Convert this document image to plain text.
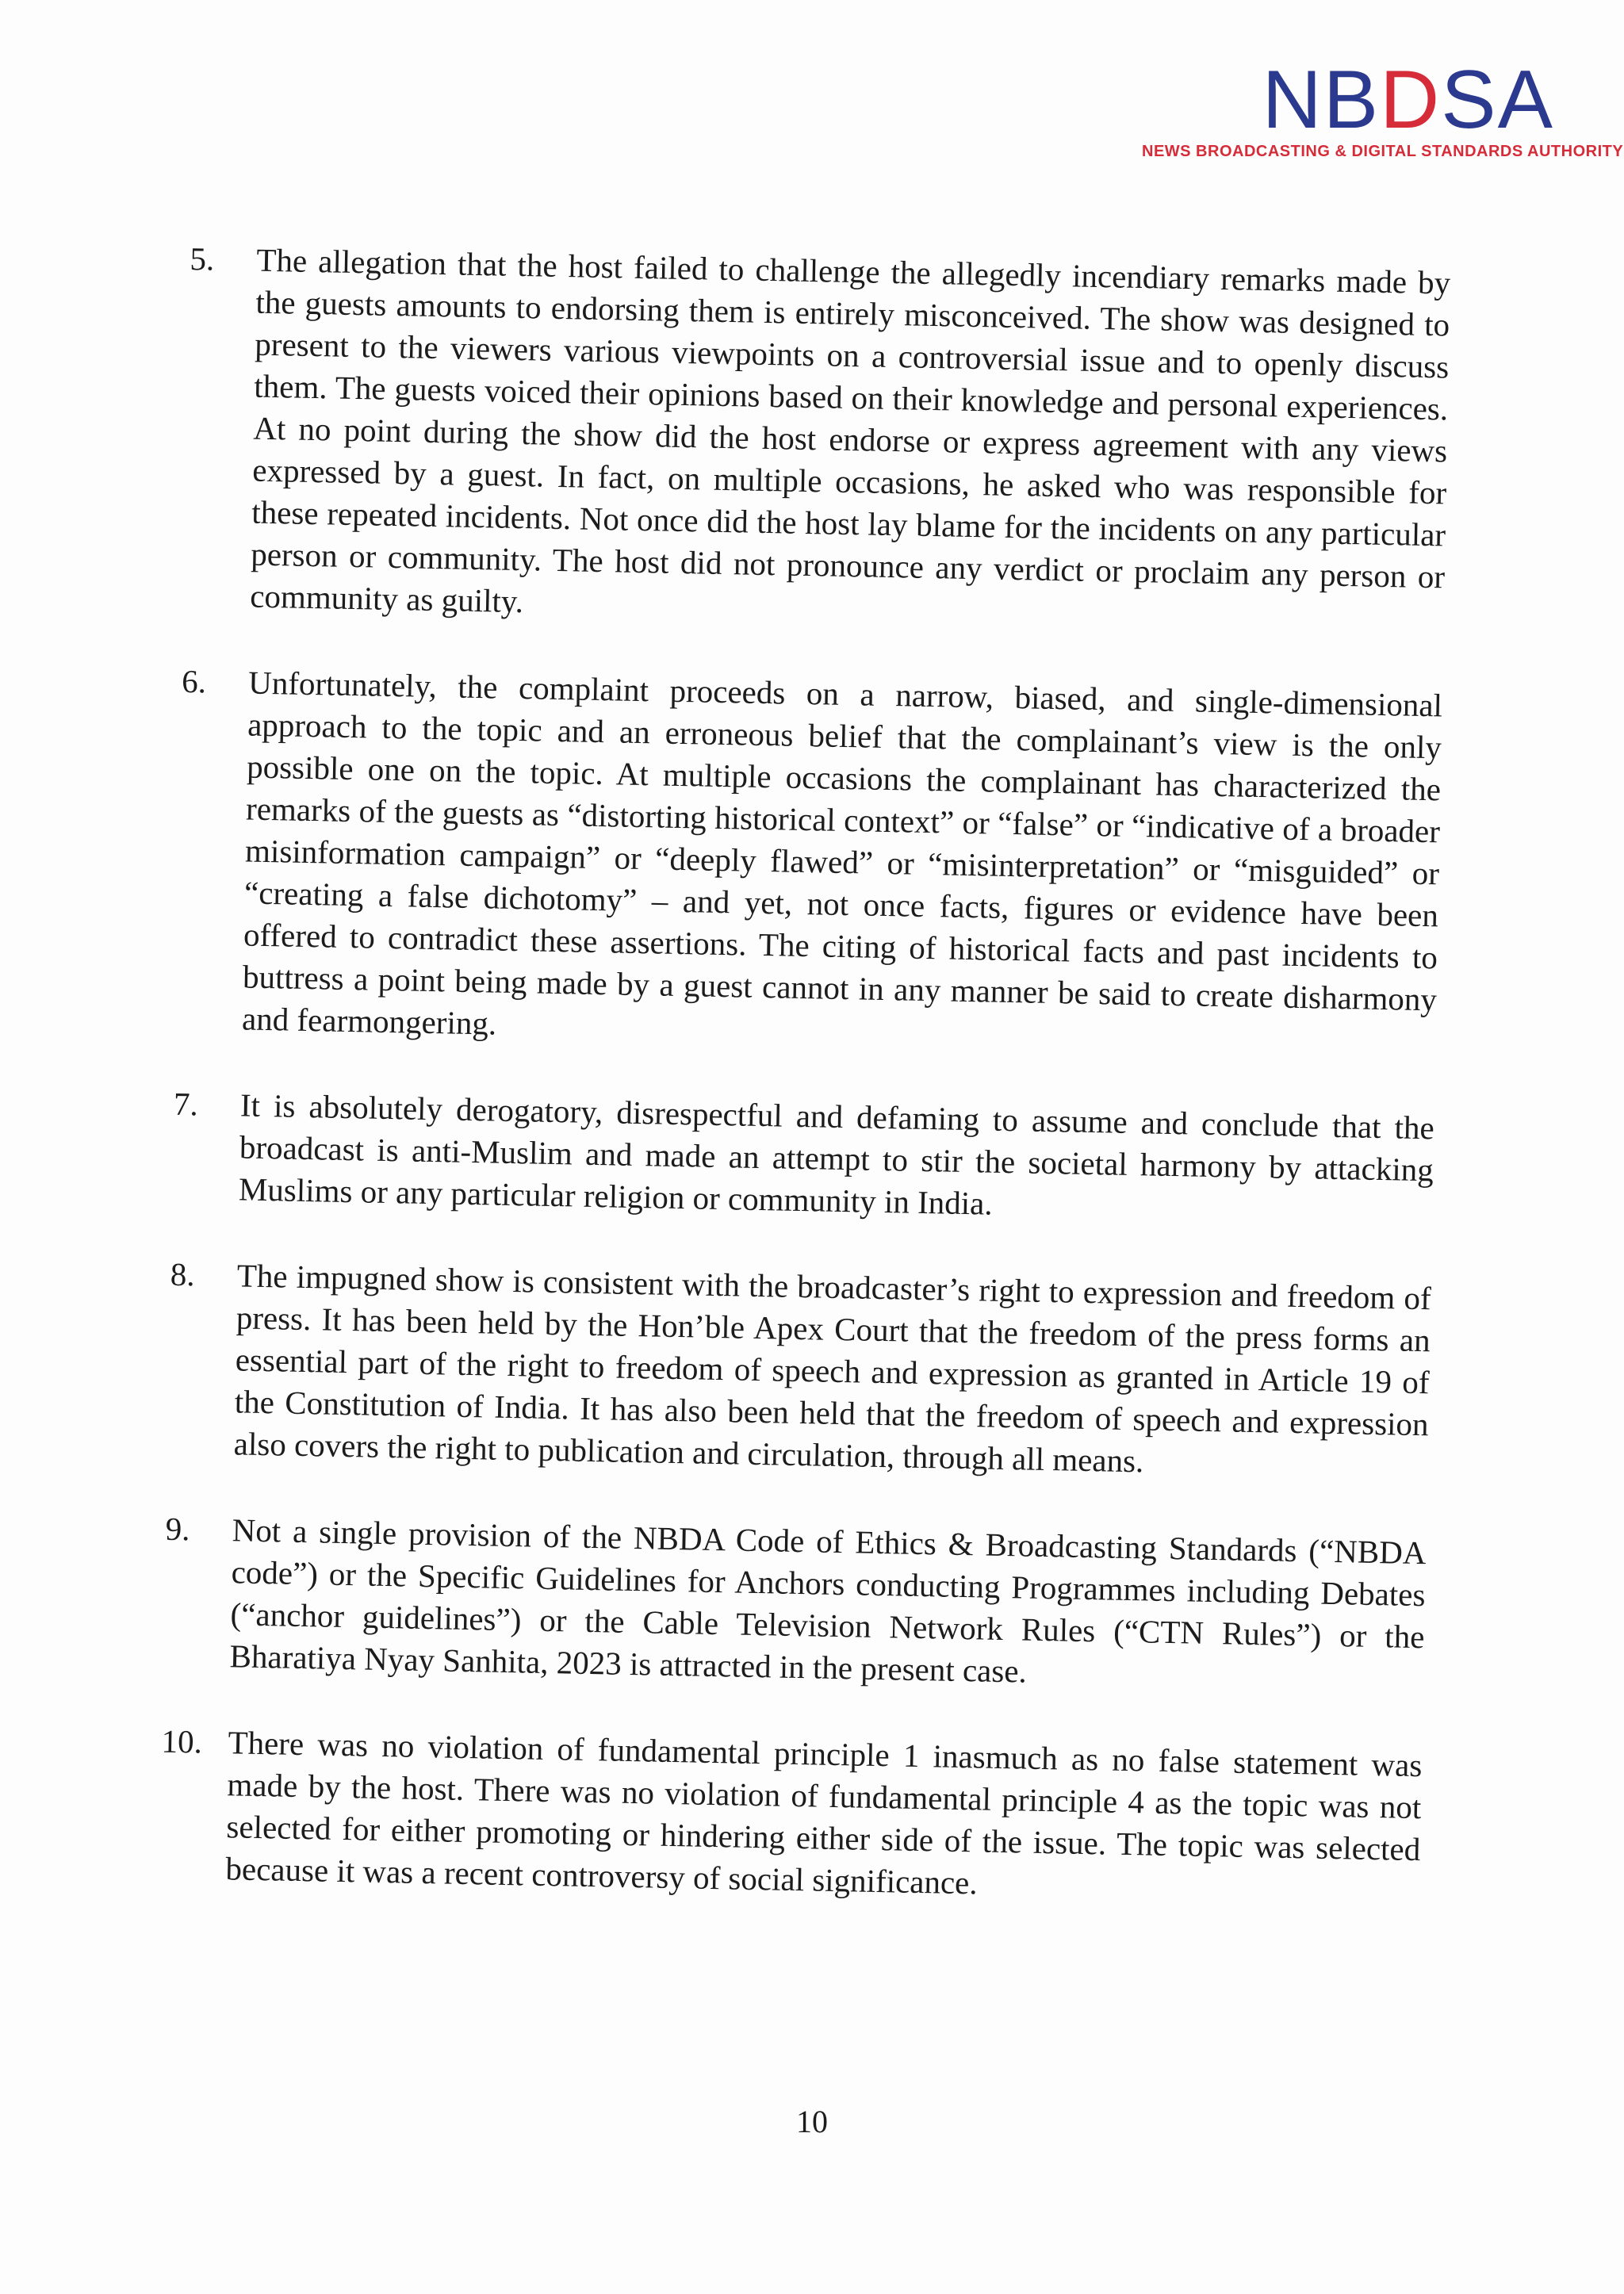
NBDSA
NEWS BROADCASTING & DIGITAL STANDARDS AUTHORITY
5.	The allegation that the host failed to challenge the allegedly incendiary remarks made by the guests amounts to endorsing them is entirely misconceived. The show was designed to present to the viewers various viewpoints on a controversial issue and to openly discuss them. The guests voiced their opinions based on their knowledge and personal experiences. At no point during the show did the host endorse or express agreement with any views expressed by a guest. In fact, on multiple occasions, he asked who was responsible for these repeated incidents. Not once did the host lay blame for the incidents on any particular person or community. The host did not pronounce any verdict or proclaim any person or community as guilty.
6.	Unfortunately, the complaint proceeds on a narrow, biased, and single-dimensional approach to the topic and an erroneous belief that the complainant’s view is the only possible one on the topic. At multiple occasions the complainant has characterized the remarks of the guests as “distorting historical context” or “false” or “indicative of a broader misinformation campaign” or “deeply flawed” or “misinterpretation” or “misguided” or “creating a false dichotomy” – and yet, not once facts, figures or evidence have been offered to contradict these assertions. The citing of historical facts and past incidents to buttress a point being made by a guest cannot in any manner be said to create disharmony and fearmongering.
7.	It is absolutely derogatory, disrespectful and defaming to assume and conclude that the broadcast is anti-Muslim and made an attempt to stir the societal harmony by attacking Muslims or any particular religion or community in India.
8.	The impugned show is consistent with the broadcaster’s right to expression and freedom of press. It has been held by the Hon’ble Apex Court that the freedom of the press forms an essential part of the right to freedom of speech and expression as granted in Article 19 of the Constitution of India. It has also been held that the freedom of speech and expression also covers the right to publication and circulation, through all means.
9.	Not a single provision of the NBDA Code of Ethics & Broadcasting Standards (“NBDA code”) or the Specific Guidelines for Anchors conducting Programmes including Debates (“anchor guidelines”) or the Cable Television Network Rules (“CTN Rules”) or the Bharatiya Nyay Sanhita, 2023 is attracted in the present case.
10. There was no violation of fundamental principle 1 inasmuch as no false statement was made by the host. There was no violation of fundamental principle 4 as the topic was not selected for either promoting or hindering either side of the issue. The topic was selected because it was a recent controversy of social significance.
10
